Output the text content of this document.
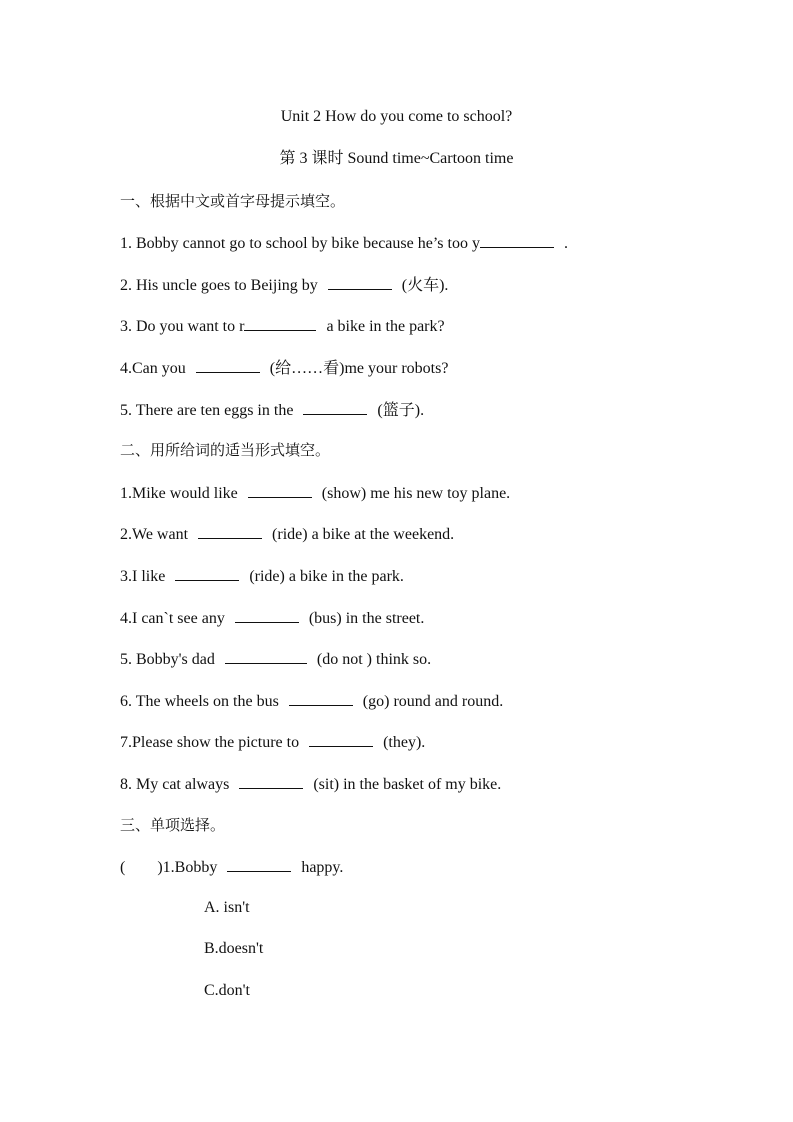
Unit 2 How do you come to school?
第 3 课时 Sound time~Cartoon time
一、根据中文或首字母提示填空。
1. Bobby cannot go to school by bike because he’s too y	.
2. His uncle goes to Beijing by	(火车).
3. Do you want to r	a bike in the park?
4.Can you	(给……看)me your robots?
5. There are ten eggs in the	(篮子).
二、用所给词的适当形式填空。
1.Mike would like	(show) me his new toy plane.
2.We want	(ride) a bike at the weekend.
3.I like	(ride) a bike in the park.
4.I can`t see any	(bus) in the street.
5. Bobby's dad	(do not ) think so.
6. The wheels on the bus	(go) round and round.
7.Please show the picture to	(they).
8. My cat always	(sit) in the basket of my bike.
三、单项选择。
(        )1.Bobby	happy.
A. isn't
B.doesn't
C.don't
